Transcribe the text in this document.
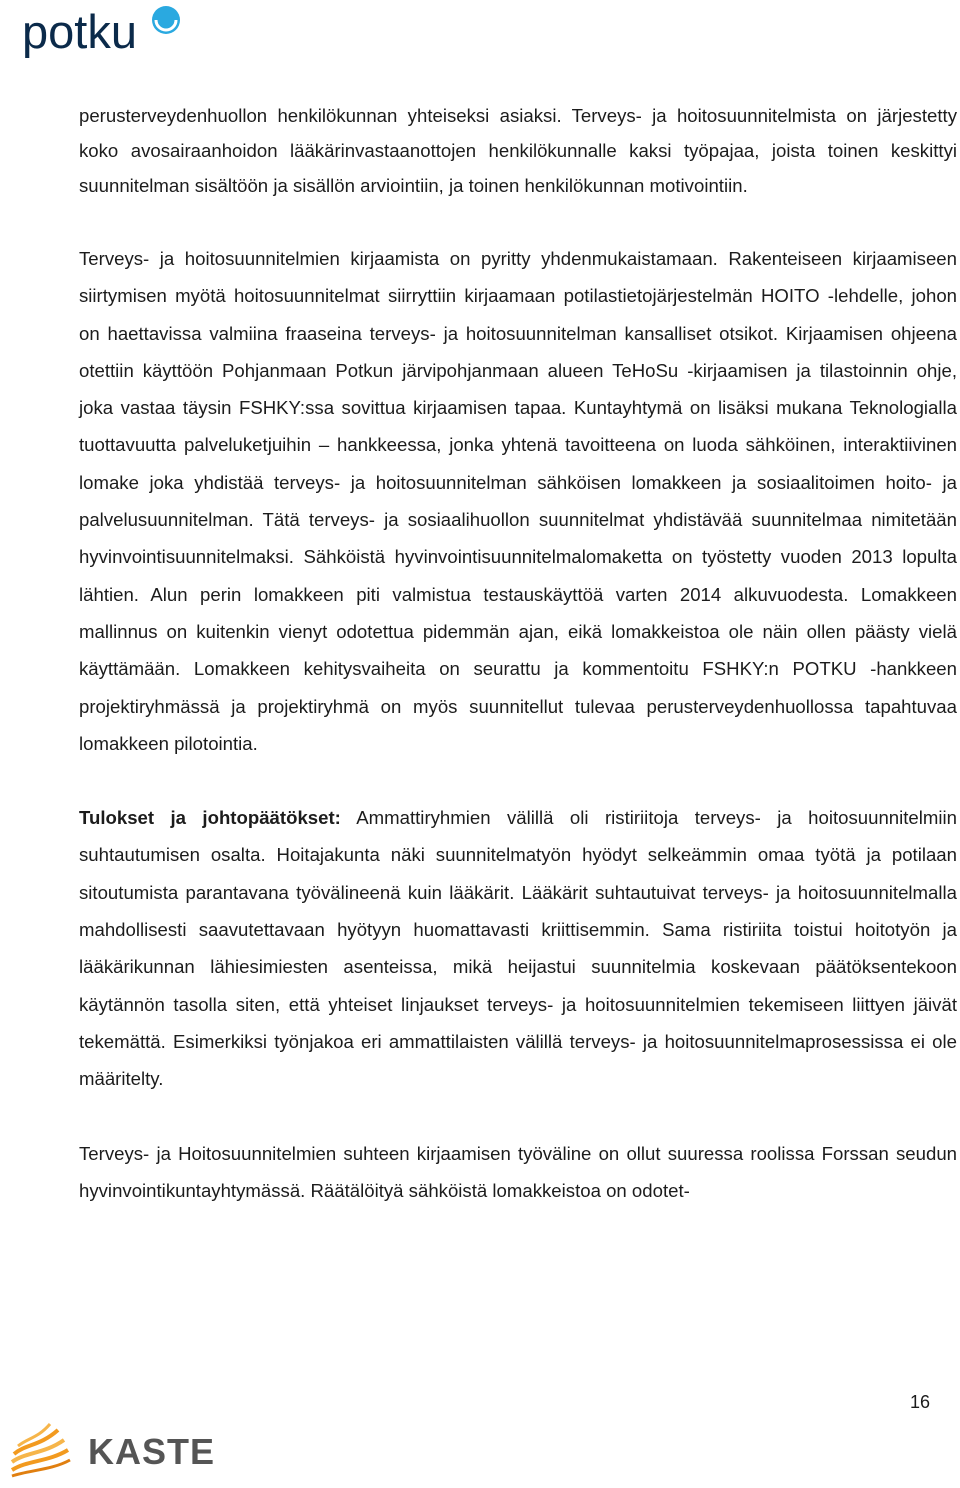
potku

perusterveydenhuollon henkilökunnan yhteiseksi asiaksi. Terveys- ja hoitosuunnitelmista on järjestetty koko avosairaanhoidon lääkärinvastaanottojen henkilökunnalle kaksi työpajaa, joista toinen keskittyi suunnitelman sisältöön ja sisällön arviointiin, ja toinen henkilökunnan motivointiin.

Terveys- ja hoitosuunnitelmien kirjaamista on pyritty yhdenmukaistamaan. Rakenteiseen kirjaamiseen siirtymisen myötä hoitosuunnitelmat siirryttiin kirjaamaan potilastietojärjestelmän HOITO -lehdelle, johon on haettavissa valmiina fraaseina terveys- ja hoitosuunnitelman kansalliset otsikot. Kirjaamisen ohjeena otettiin käyttöön Pohjanmaan Potkun järvipohjanmaan alueen TeHoSu -kirjaamisen ja tilastoinnin ohje, joka vastaa täysin FSHKY:ssa sovittua kirjaamisen tapaa. Kuntayhtymä on lisäksi mukana Teknologialla tuottavuutta palveluketjuihin – hankkeessa, jonka yhtenä tavoitteena on luoda sähköinen, interaktiivinen lomake joka yhdistää terveys- ja hoitosuunnitelman sähköisen lomakkeen ja sosiaalitoimen hoito- ja palvelusuunnitelman. Tätä terveys- ja sosiaalihuollon suunnitelmat yhdistävää suunnitelmaa nimitetään hyvinvointisuunnitelmaksi. Sähköistä hyvinvointisuunnitelmalomaketta on työstetty vuoden 2013 lopulta lähtien. Alun perin lomakkeen piti valmistua testauskäyttöä varten 2014 alkuvuodesta. Lomakkeen mallinnus on kuitenkin vienyt odotettua pidemmän ajan, eikä lomakkeistoa ole näin ollen päästy vielä käyttämään. Lomakkeen kehitysvaiheita on seurattu ja kommentoitu FSHKY:n POTKU -hankkeen projektiryhmässä ja projektiryhmä on myös suunnitellut tulevaa perusterveydenhuollossa tapahtuvaa lomakkeen pilotointia.

Tulokset ja johtopäätökset: Ammattiryhmien välillä oli ristiriitoja terveys- ja hoitosuunnitelmiin suhtautumisen osalta. Hoitajakunta näki suunnitelmatyön hyödyt selkeämmin omaa työtä ja potilaan sitoutumista parantavana työvälineenä kuin lääkärit. Lääkärit suhtautuivat terveys- ja hoitosuunnitelmalla mahdollisesti saavutettavaan hyötyyn huomattavasti kriittisemmin. Sama ristiriita toistui hoitotyön ja lääkärikunnan lähiesimiesten asenteissa, mikä heijastui suunnitelmia koskevaan päätöksentekoon käytännön tasolla siten, että yhteiset linjaukset terveys- ja hoitosuunnitelmien tekemiseen liittyen jäivät tekemättä. Esimerkiksi työnjakoa eri ammattilaisten välillä terveys- ja hoitosuunnitelmaprosessissa ei ole määritelty.

Terveys- ja Hoitosuunnitelmien suhteen kirjaamisen työväline on ollut suuressa roolissa Forssan seudun hyvinvointikuntayhtymässä. Räätälöityä sähköistä lomakkeistoa on odotet-

16
KASTE
